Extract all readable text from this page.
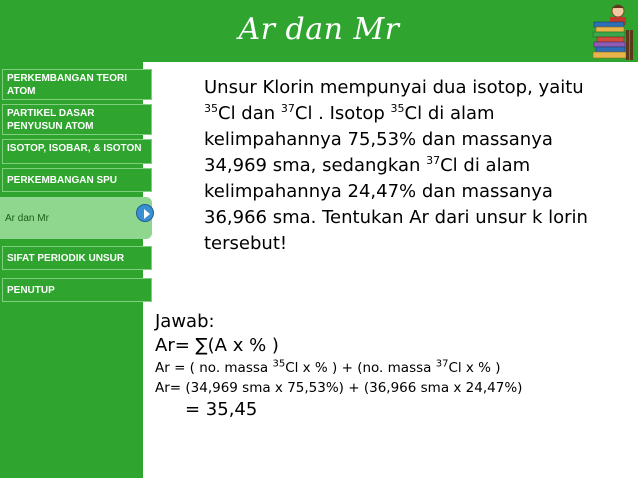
Ar dan Mr
PERKEMBANGAN TEORI ATOM
PARTIKEL DASAR PENYUSUN ATOM
ISOTOP, ISOBAR, & ISOTON
PERKEMBANGAN SPU
Ar dan Mr
SIFAT PERIODIK UNSUR
PENUTUP
Unsur Klorin mempunyai dua isotop, yaitu $^{35}$Cl dan $^{37}$Cl . Isotop $^{35}$Cl di alam kelimpahannya 75,53% dan massanya 34,969 sma, sedangkan $^{37}$Cl di alam kelimpahannya 24,47% dan massanya 36,966 sma. Tentukan Ar dari unsur k lorin tersebut!
Jawab:
Ar= ∑(A x % )
Ar = ( no. massa $^{35}$Cl x % ) + (no. massa $^{37}$Cl x % )
Ar= (34,969 sma x 75,53%) + (36,966 sma x 24,47%)
= 35,45
